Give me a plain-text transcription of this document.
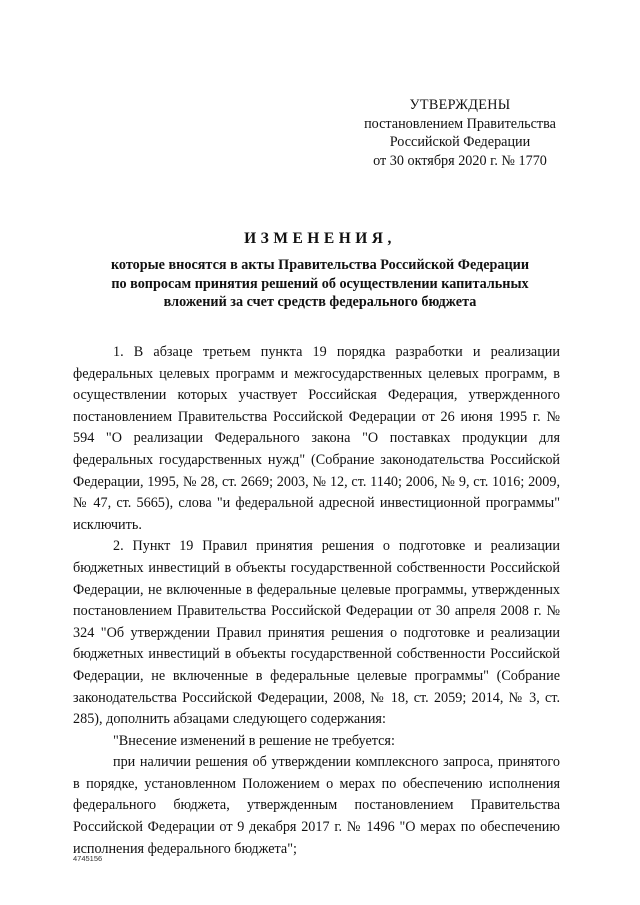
УТВЕРЖДЕНЫ
постановлением Правительства
Российской Федерации
от 30 октября 2020 г. № 1770
ИЗМЕНЕНИЯ,
которые вносятся в акты Правительства Российской Федерации
по вопросам принятия решений об осуществлении капитальных
вложений за счет средств федерального бюджета

1. В абзаце третьем пункта 19 порядка разработки и реализации федеральных целевых программ и межгосударственных целевых программ, в осуществлении которых участвует Российская Федерация, утвержденного постановлением Правительства Российской Федерации от 26 июня 1995 г. № 594 "О реализации Федерального закона "О поставках продукции для федеральных государственных нужд" (Собрание законодательства Российской Федерации, 1995, № 28, ст. 2669; 2003, № 12, ст. 1140; 2006, № 9, ст. 1016; 2009, № 47, ст. 5665), слова "и федеральной адресной инвестиционной программы" исключить.

2. Пункт 19 Правил принятия решения о подготовке и реализации бюджетных инвестиций в объекты государственной собственности Российской Федерации, не включенные в федеральные целевые программы, утвержденных постановлением Правительства Российской Федерации от 30 апреля 2008 г. № 324 "Об утверждении Правил принятия решения о подготовке и реализации бюджетных инвестиций в объекты государственной собственности Российской Федерации, не включенные в федеральные целевые программы" (Собрание законодательства Российской Федерации, 2008, № 18, ст. 2059; 2014, № 3, ст. 285), дополнить абзацами следующего содержания:

"Внесение изменений в решение не требуется:

при наличии решения об утверждении комплексного запроса, принятого в порядке, установленном Положением о мерах по обеспечению исполнения федерального бюджета, утвержденным постановлением Правительства Российской Федерации от 9 декабря 2017 г. № 1496 "О мерах по обеспечению исполнения федерального бюджета";

4745156
